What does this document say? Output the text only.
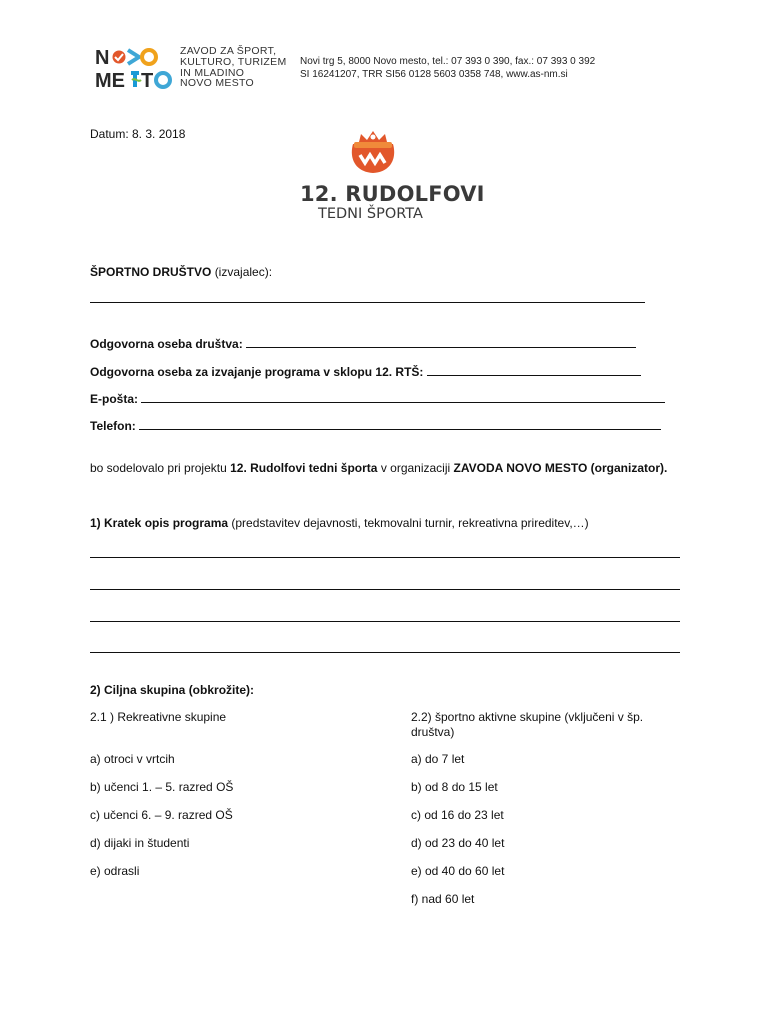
N
ME T
ZAVOD ZA ŠPORT,
KULTURO, TURIZEM
IN MLADINO
NOVO MESTO
Novi trg 5, 8000 Novo mesto, tel.: 07 393 0 390, fax.: 07 393 0 392
SI 16241207, TRR SI56 0128 5603 0358 748, www.as-nm.si
Datum: 8. 3. 2018
12. RUDOLFOVI
TEDNI ŠPORTA
ŠPORTNO DRUŠTVO (izvajalec):
Odgovorna oseba društva:
Odgovorna oseba za izvajanje programa v sklopu 12. RTŠ:
E-pošta:
Telefon:
bo sodelovalo pri projektu 12. Rudolfovi tedni športa v organizaciji ZAVODA NOVO MESTO (organizator).
1) Kratek opis programa (predstavitev dejavnosti, tekmovalni turnir, rekreativna prireditev,…)
2) Ciljna skupina (obkrožite):
2.1 ) Rekreativne skupine	2.2) športno aktivne skupine (vključeni v šp. društva)
a) otroci v vrtcih
b) učenci 1. – 5. razred OŠ
c) učenci 6. – 9. razred OŠ
d) dijaki in študenti
e) odrasli
a) do 7 let
b) od 8 do 15 let
c) od 16 do 23 let
d) od 23 do 40 let
e) od 40 do 60 let
f) nad 60 let
